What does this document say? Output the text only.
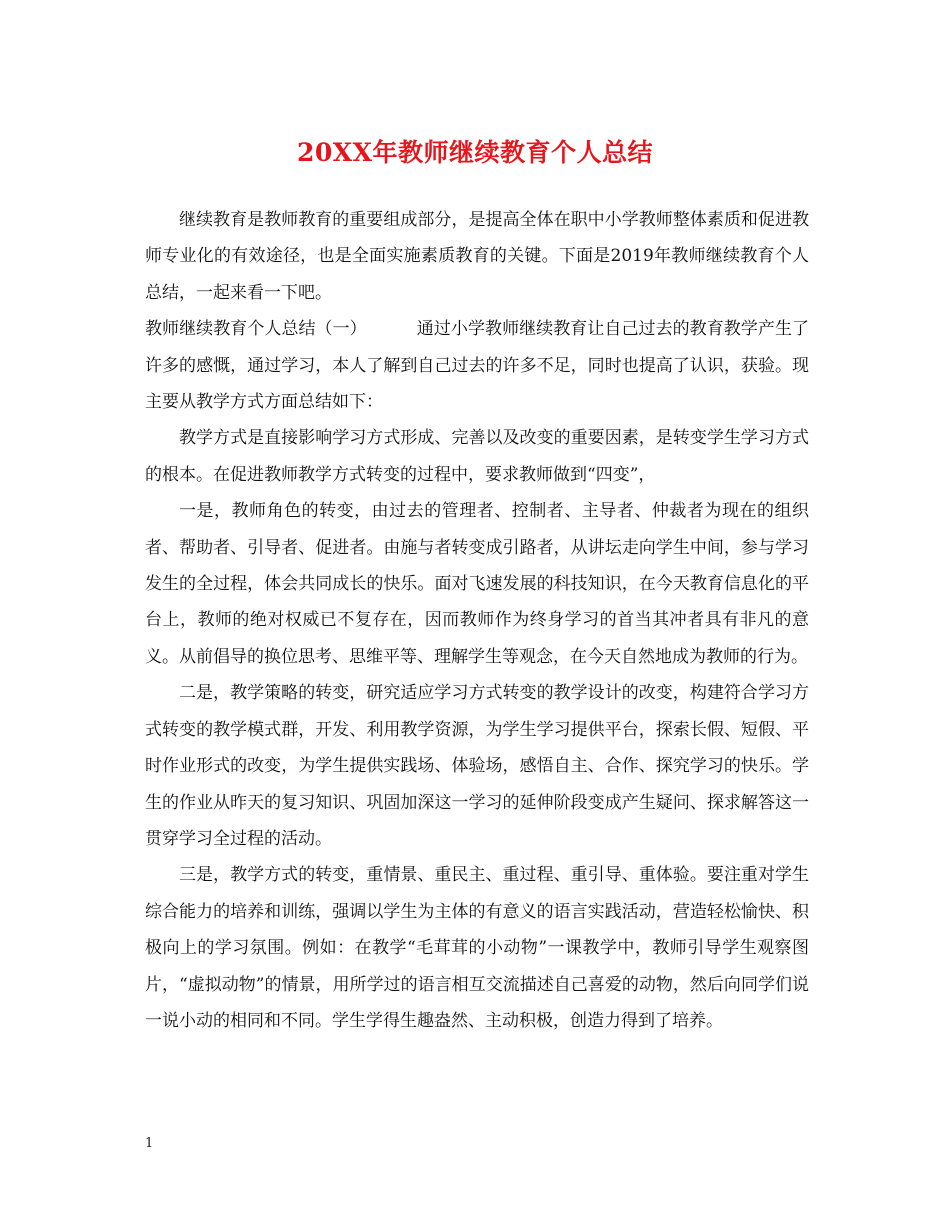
20XX年教师继续教育个人总结

继续教育是教师教育的重要组成部分，是提高全体在职中小学教师整体素质和促进教师专业化的有效途径，也是全面实施素质教育的关键。下面是2019年教师继续教育个人总结，一起来看一下吧。

教师继续教育个人总结（一）	通过小学教师继续教育让自己过去的教育教学产生了许多的感慨，通过学习，本人了解到自己过去的许多不足，同时也提高了认识，获验。现主要从教学方式方面总结如下：

教学方式是直接影响学习方式形成、完善以及改变的重要因素，是转变学生学习方式的根本。在促进教师教学方式转变的过程中，要求教师做到“四变”，

一是，教师角色的转变，由过去的管理者、控制者、主导者、仲裁者为现在的组织者、帮助者、引导者、促进者。由施与者转变成引路者，从讲坛走向学生中间，参与学习发生的全过程，体会共同成长的快乐。面对飞速发展的科技知识，在今天教育信息化的平台上，教师的绝对权威已不复存在，因而教师作为终身学习的首当其冲者具有非凡的意义。从前倡导的换位思考、思维平等、理解学生等观念，在今天自然地成为教师的行为。

二是，教学策略的转变，研究适应学习方式转变的教学设计的改变，构建符合学习方式转变的教学模式群，开发、利用教学资源，为学生学习提供平台，探索长假、短假、平时作业形式的改变，为学生提供实践场、体验场，感悟自主、合作、探究学习的快乐。学生的作业从昨天的复习知识、巩固加深这一学习的延伸阶段变成产生疑问、探求解答这一贯穿学习全过程的活动。

三是，教学方式的转变，重情景、重民主、重过程、重引导、重体验。要注重对学生综合能力的培养和训练，强调以学生为主体的有意义的语言实践活动，营造轻松愉快、积极向上的学习氛围。例如：在教学“毛茸茸的小动物”一课教学中，教师引导学生观察图片，“虚拟动物”的情景，用所学过的语言相互交流描述自己喜爱的动物，然后向同学们说一说小动的相同和不同。学生学得生趣盎然、主动积极，创造力得到了培养。

1
